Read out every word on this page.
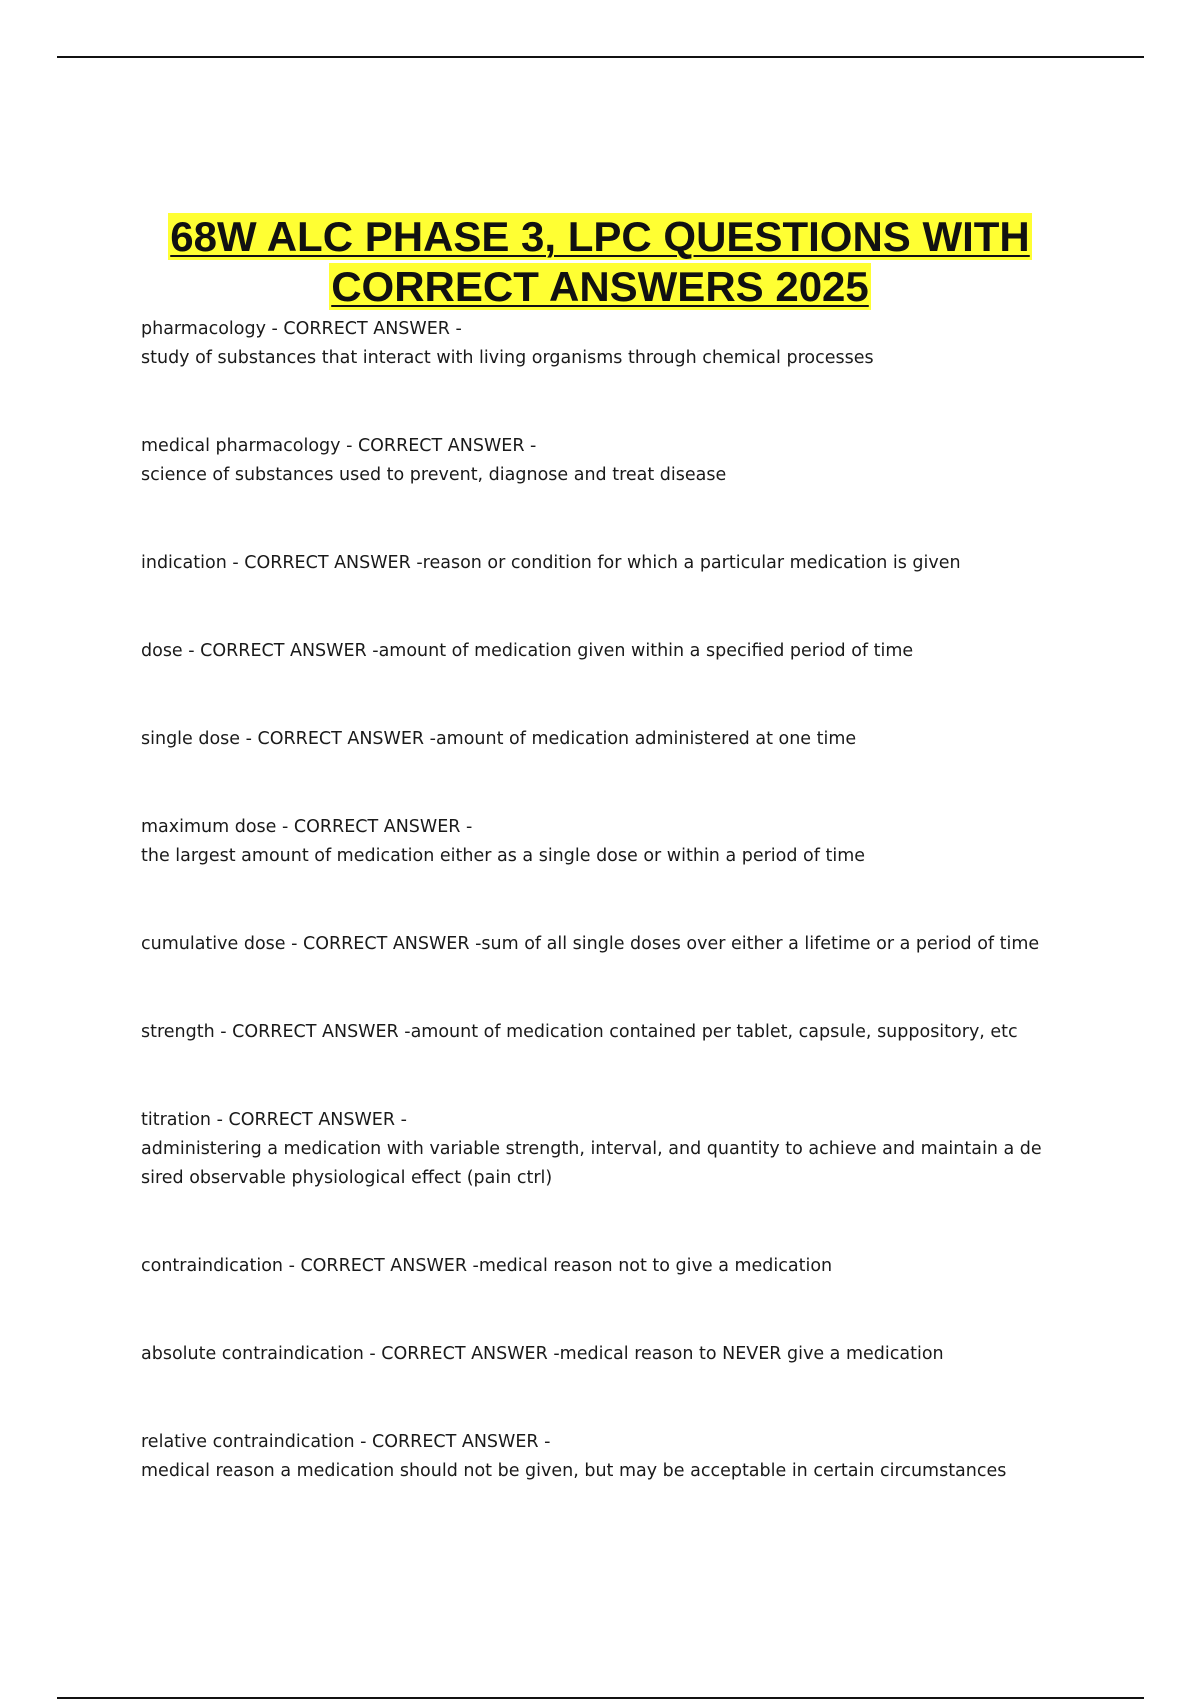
68W ALC PHASE 3, LPC QUESTIONS WITH
CORRECT ANSWERS 2025

pharmacology - CORRECT ANSWER -
study of substances that interact with living organisms through chemical processes

medical pharmacology - CORRECT ANSWER -
science of substances used to prevent, diagnose and treat disease

indication - CORRECT ANSWER -reason or condition for which a particular medication is given

dose - CORRECT ANSWER -amount of medication given within a specified period of time

single dose - CORRECT ANSWER -amount of medication administered at one time

maximum dose - CORRECT ANSWER -
the largest amount of medication either as a single dose or within a period of time

cumulative dose - CORRECT ANSWER -sum of all single doses over either a lifetime or a period of time

strength - CORRECT ANSWER -amount of medication contained per tablet, capsule, suppository, etc

titration - CORRECT ANSWER -
administering a medication with variable strength, interval, and quantity to achieve and maintain a de sired observable physiological effect (pain ctrl)

contraindication - CORRECT ANSWER -medical reason not to give a medication

absolute contraindication - CORRECT ANSWER -medical reason to NEVER give a medication

relative contraindication - CORRECT ANSWER -
medical reason a medication should not be given, but may be acceptable in certain circumstances
